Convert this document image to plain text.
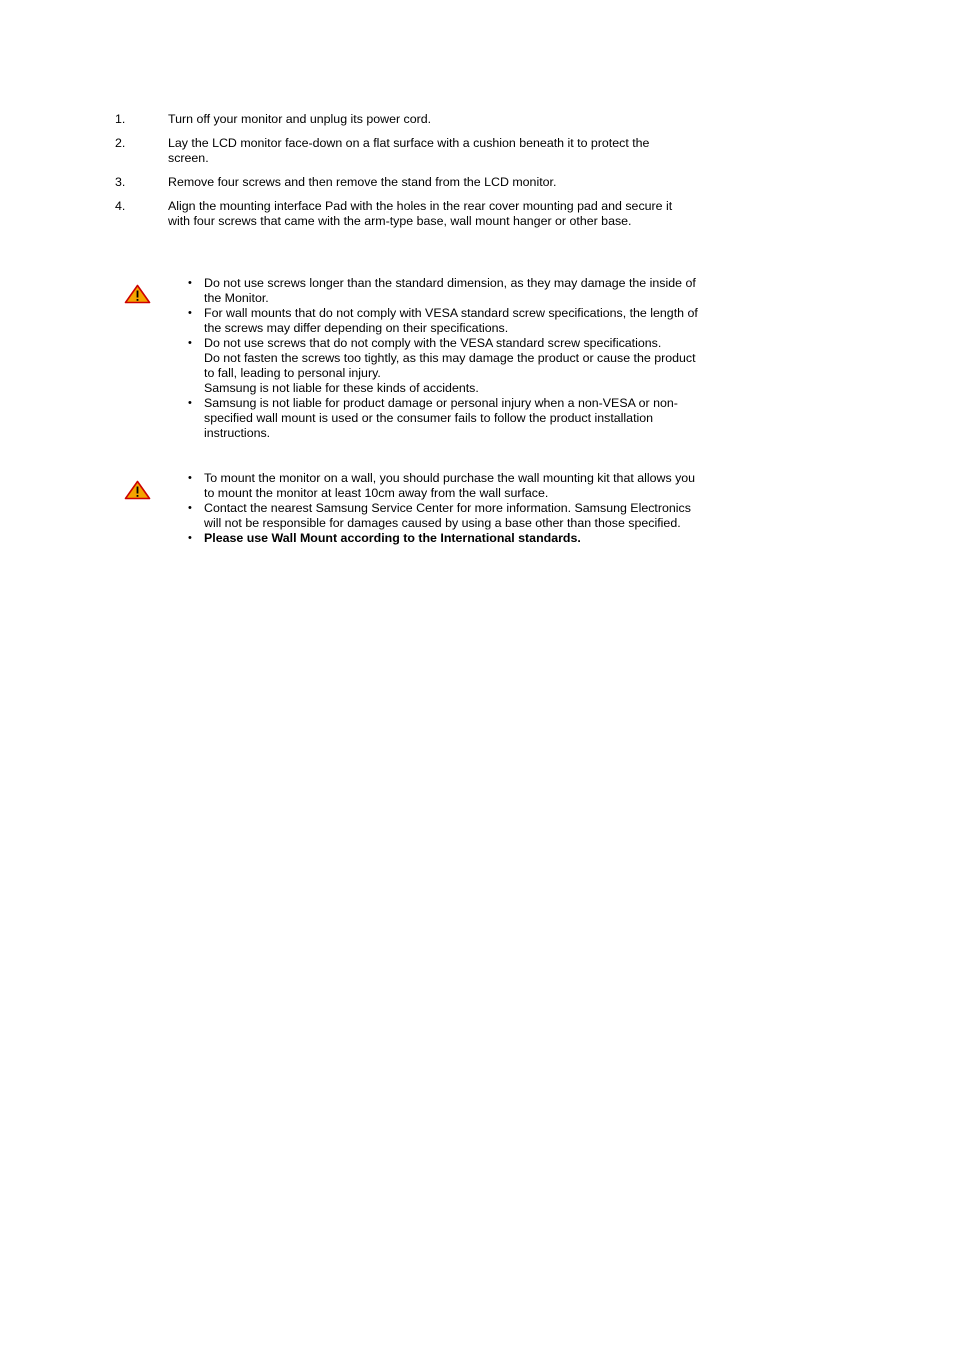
1.	Turn off your monitor and unplug its power cord.
2.	Lay the LCD monitor face-down on a flat surface with a cushion beneath it to protect the screen.
3.	Remove four screws and then remove the stand from the LCD monitor.
4.	Align the mounting interface Pad with the holes in the rear cover mounting pad and secure it with four screws that came with the arm-type base, wall mount hanger or other base.
• Do not use screws longer than the standard dimension, as they may damage the inside of
the Monitor.
• For wall mounts that do not comply with VESA standard screw specifications, the length of
the screws may differ depending on their specifications.
• Do not use screws that do not comply with the VESA standard screw specifications.
Do not fasten the screws too tightly, as this may damage the product or cause the product
to fall, leading to personal injury.
Samsung is not liable for these kinds of accidents.
• Samsung is not liable for product damage or personal injury when a non-VESA or non-
specified wall mount is used or the consumer fails to follow the product installation
instructions.
• To mount the monitor on a wall, you should purchase the wall mounting kit that allows you
to mount the monitor at least 10cm away from the wall surface.
• Contact the nearest Samsung Service Center for more information. Samsung Electronics
will not be responsible for damages caused by using a base other than those specified.
• Please use Wall Mount according to the International standards.
